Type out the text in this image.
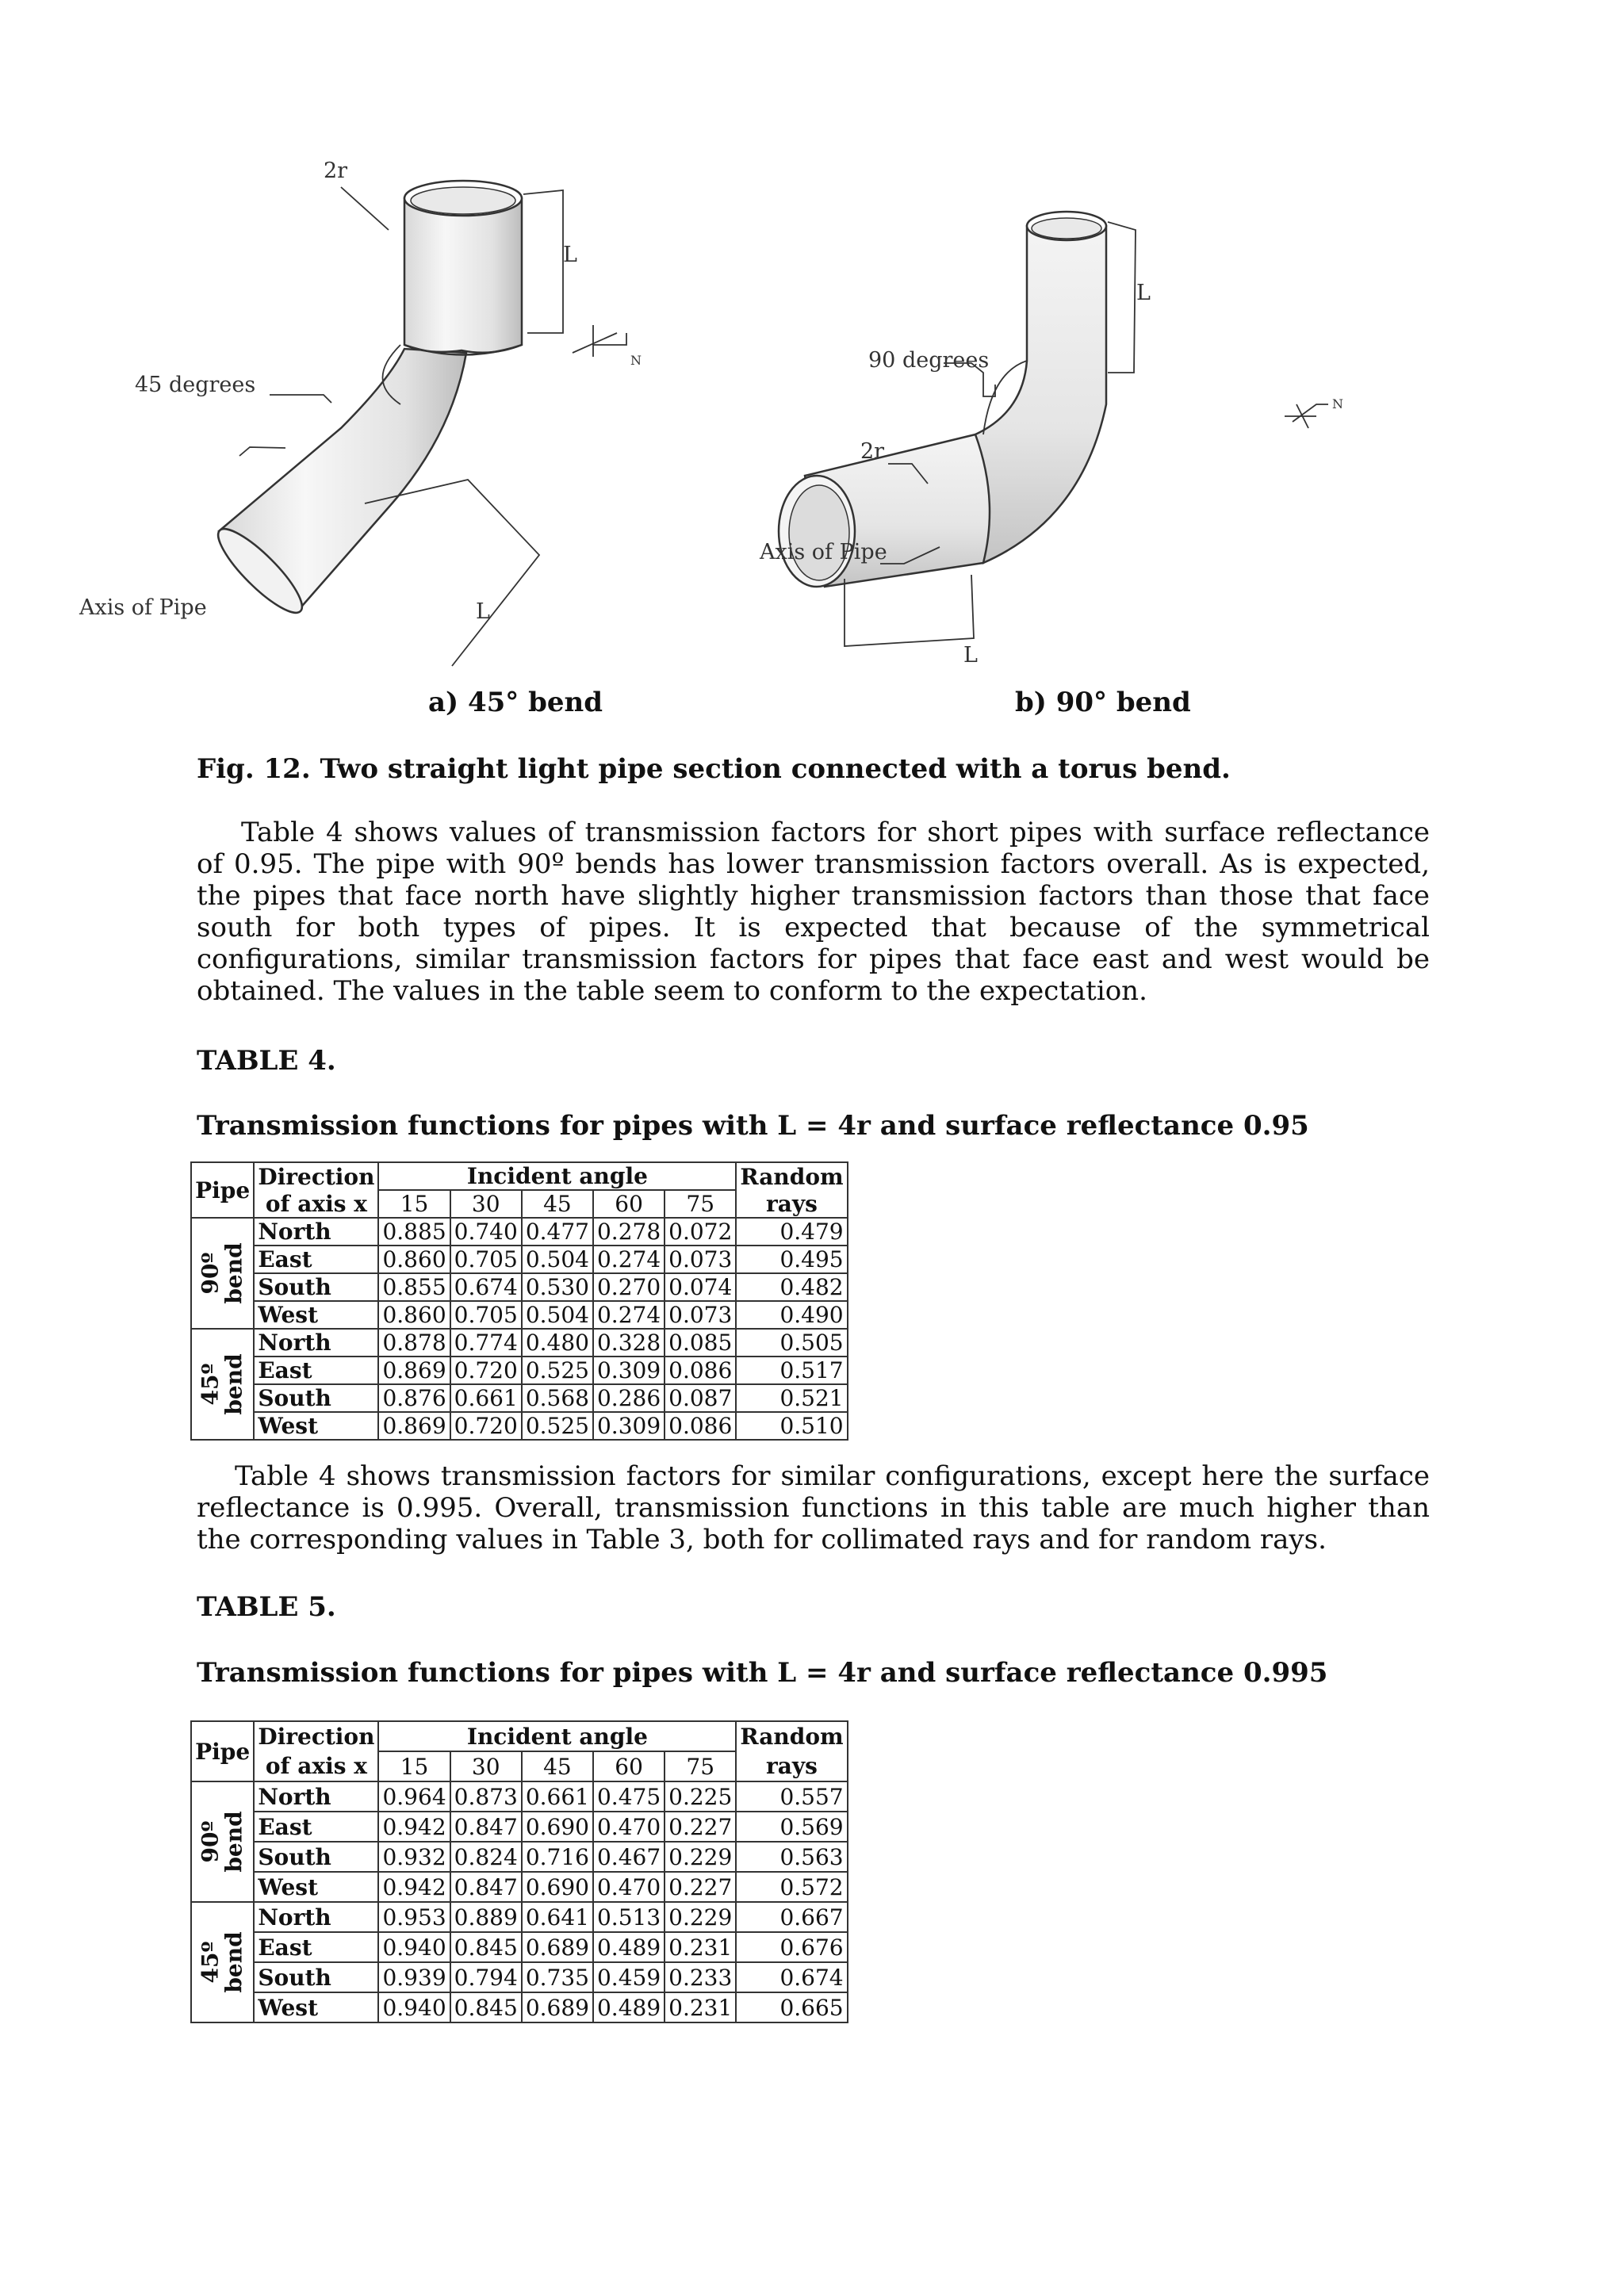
2r
L
45 degrees
Axis of Pipe	L
N	90 degrees
L
2r
Axis of Pipe
L
N
a) 45° bend	b) 90° bend
Fig. 12. Two straight light pipe section connected with a torus bend.
Table 4 shows values of transmission factors for short pipes with surface reflectance of 0.95. The pipe with 90º bends has lower transmission factors overall. As is expected, the pipes that face north have slightly higher transmission factors than those that face south for both types of pipes. It is expected that because of the symmetrical configurations, similar transmission factors for pipes that face east and west would be obtained. The values in the table seem to conform to the expectation.
TABLE 4.
Transmission functions for pipes with L = 4r and surface reflectance 0.95
Pipe	Direction	Incident angle					Random
	of axis x	15	30	45	60	75	rays
90º
bend	North	0.885	0.740	0.477	0.278	0.072	0.479
	East	0.860	0.705	0.504	0.274	0.073	0.495
	South	0.855	0.674	0.530	0.270	0.074	0.482
	West	0.860	0.705	0.504	0.274	0.073	0.490
45º
bend	North	0.878	0.774	0.480	0.328	0.085	0.505
	East	0.869	0.720	0.525	0.309	0.086	0.517
	South	0.876	0.661	0.568	0.286	0.087	0.521
	West	0.869	0.720	0.525	0.309	0.086	0.510
Table 4 shows transmission factors for similar configurations, except here the surface reflectance is 0.995. Overall, transmission functions in this table are much higher than the corresponding values in Table 3, both for collimated rays and for random rays.
TABLE 5.
Transmission functions for pipes with L = 4r and surface reflectance 0.995
Pipe	Direction	Incident angle					Random
	of axis x	15	30	45	60	75	rays
90º
bend	North	0.964	0.873	0.661	0.475	0.225	0.557
	East	0.942	0.847	0.690	0.470	0.227	0.569
	South	0.932	0.824	0.716	0.467	0.229	0.563
	West	0.942	0.847	0.690	0.470	0.227	0.572
45º
bend	North	0.953	0.889	0.641	0.513	0.229	0.667
	East	0.940	0.845	0.689	0.489	0.231	0.676
	South	0.939	0.794	0.735	0.459	0.233	0.674
	West	0.940	0.845	0.689	0.489	0.231	0.665
